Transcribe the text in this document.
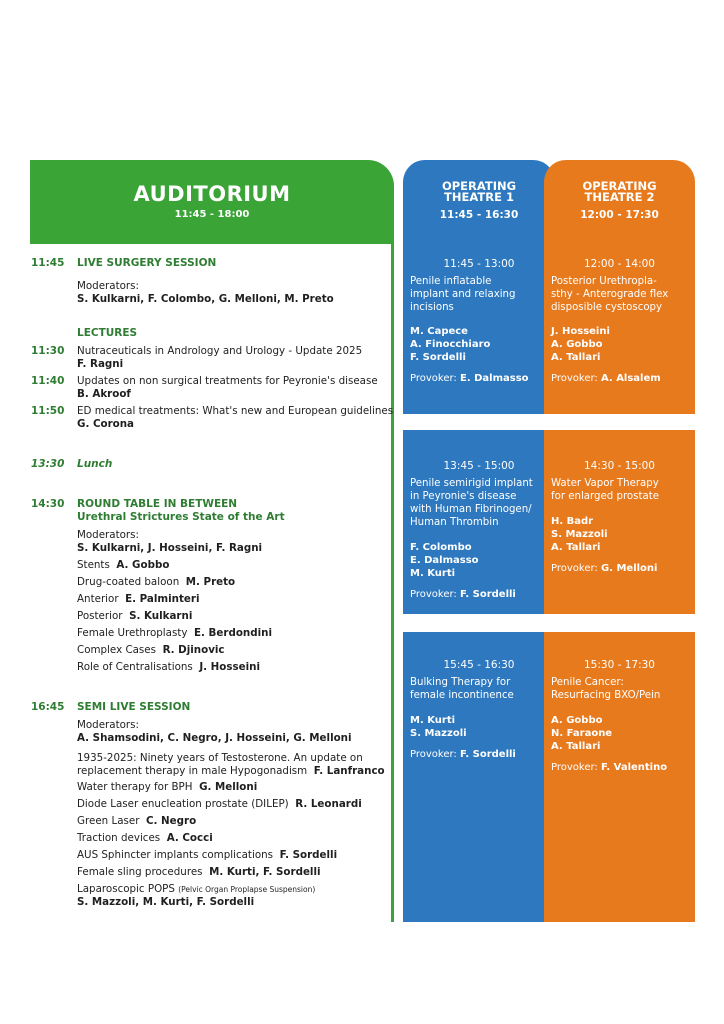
AUDITORIUM
11:45 - 18:00
11:45 LIVE SURGERY SESSION
Moderators:
S. Kulkarni, F. Colombo, G. Melloni, M. Preto
LECTURES
11:30 Nutraceuticals in Andrology and Urology - Update 2025
F. Ragni
11:40 Updates on non surgical treatments for Peyronie's disease
B. Akroof
11:50 ED medical treatments: What's new and European guidelines
G. Corona
13:30 Lunch
14:30 ROUND TABLE IN BETWEEN
Urethral Strictures State of the Art
Moderators:
S. Kulkarni, J. Hosseini, F. Ragni
Stents A. Gobbo
Drug-coated baloon M. Preto
Anterior E. Palminteri
Posterior S. Kulkarni
Female Urethroplasty E. Berdondini
Complex Cases R. Djinovic
Role of Centralisations J. Hosseini
16:45 SEMI LIVE SESSION
Moderators:
A. Shamsodini, C. Negro, J. Hosseini, G. Melloni
1935-2025: Ninety years of Testosterone. An update on
replacement therapy in male Hypogonadism F. Lanfranco
Water therapy for BPH G. Melloni
Diode Laser enucleation prostate (DILEP) R. Leonardi
Green Laser C. Negro
Traction devices A. Cocci
AUS Sphincter implants complications F. Sordelli
Female sling procedures M. Kurti, F. Sordelli
Laparoscopic POPS (Pelvic Organ Proplapse Suspension)
S. Mazzoli, M. Kurti, F. Sordelli
OPERATING
THEATRE 1
11:45 - 16:30
11:45 - 13:00
Penile inflatable
implant and relaxing
incisions
M. Capece
A. Finocchiaro
F. Sordelli
Provoker: E. Dalmasso
13:45 - 15:00
Penile semirigid implant
in Peyronie's disease
with Human Fibrinogen/
Human Thrombin
F. Colombo
E. Dalmasso
M. Kurti
Provoker: F. Sordelli
15:45 - 16:30
Bulking Therapy for
female incontinence
M. Kurti
S. Mazzoli
Provoker: F. Sordelli
OPERATING
THEATRE 2
12:00 - 17:30
12:00 - 14:00
Posterior Urethropla-
sthy - Anterograde flex
disposible cystoscopy
J. Hosseini
A. Gobbo
A. Tallari
Provoker: A. Alsalem
14:30 - 15:00
Water Vapor Therapy
for enlarged prostate
H. Badr
S. Mazzoli
A. Tallari
Provoker: G. Melloni
15:30 - 17:30
Penile Cancer:
Resurfacing BXO/Pein
A. Gobbo
N. Faraone
A. Tallari
Provoker: F. Valentino
